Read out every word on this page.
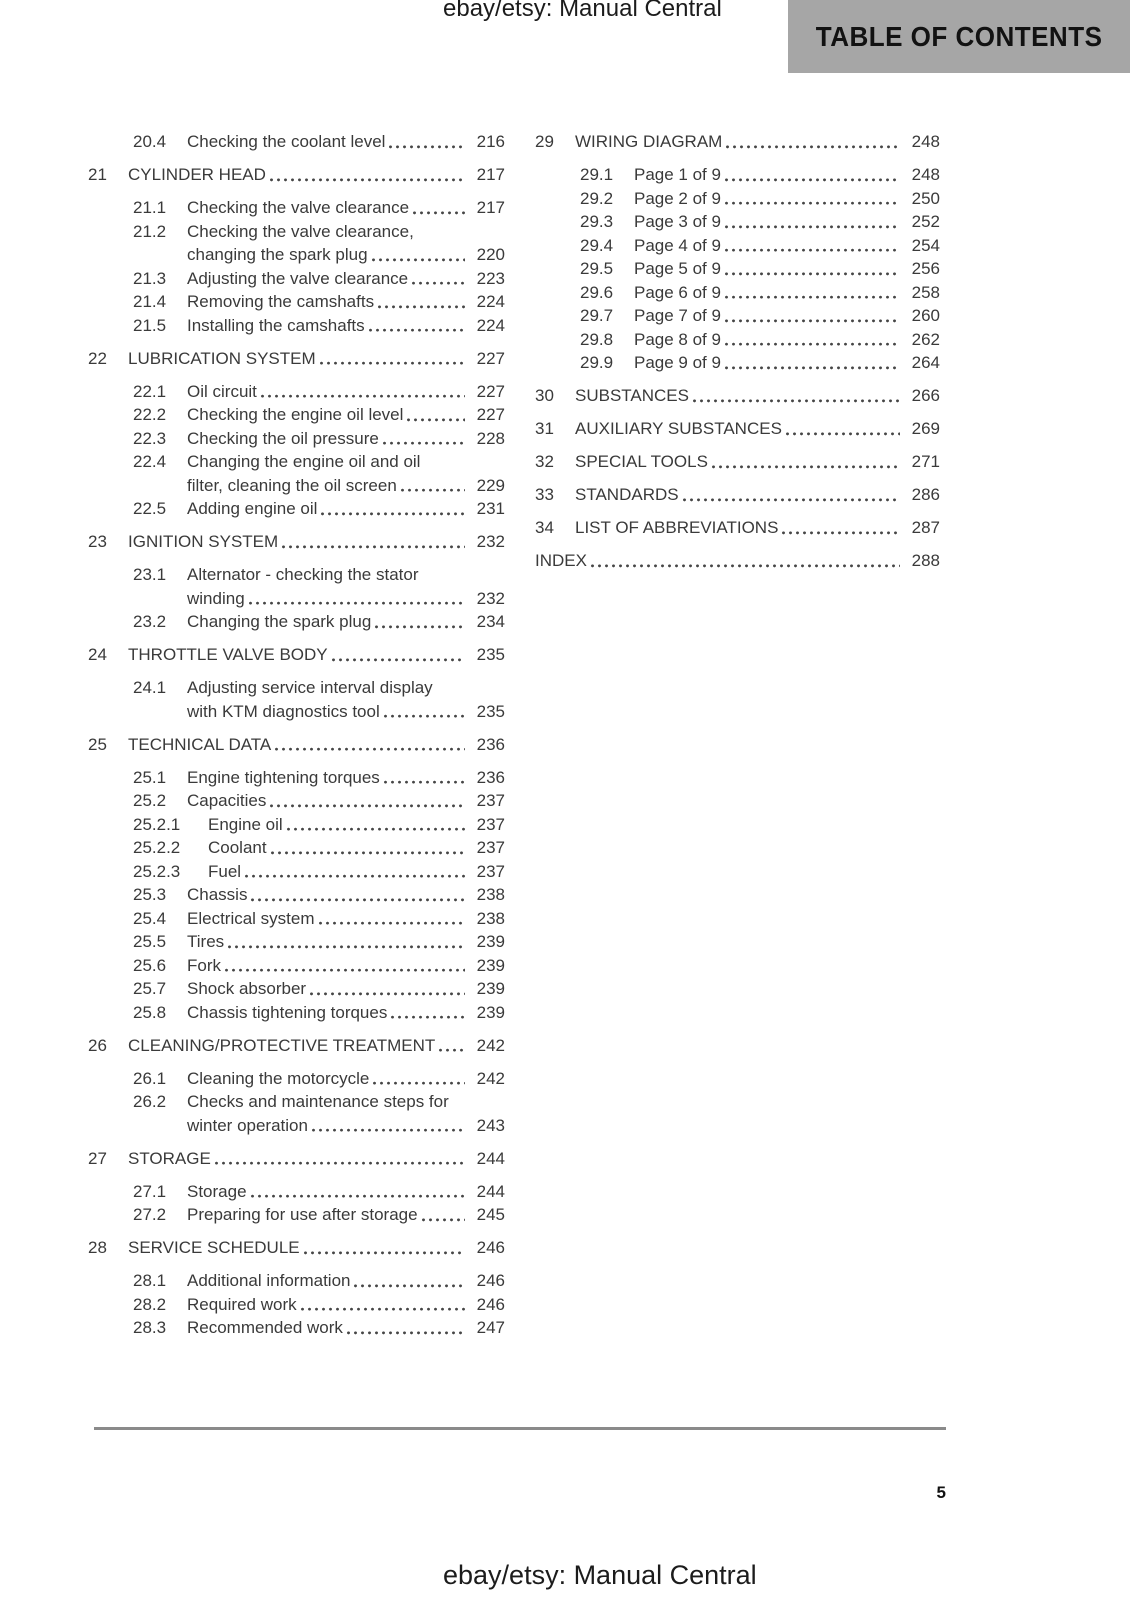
ebay/etsy: Manual Central
TABLE OF CONTENTS
20.4	Checking the coolant level	216
21	CYLINDER HEAD	217
21.1	Checking the valve clearance	217
21.2	Checking the valve clearance,
changing the spark plug	220
21.3	Adjusting the valve clearance	223
21.4	Removing the camshafts	224
21.5	Installing the camshafts	224
22	LUBRICATION SYSTEM	227
22.1	Oil circuit	227
22.2	Checking the engine oil level	227
22.3	Checking the oil pressure	228
22.4	Changing the engine oil and oil
filter, cleaning the oil screen	229
22.5	Adding engine oil	231
23	IGNITION SYSTEM	232
23.1	Alternator - checking the stator
winding	232
23.2	Changing the spark plug	234
24	THROTTLE VALVE BODY	235
24.1	Adjusting service interval display
with KTM diagnostics tool	235
25	TECHNICAL DATA	236
25.1	Engine tightening torques	236
25.2	Capacities	237
25.2.1	Engine oil	237
25.2.2	Coolant	237
25.2.3	Fuel	237
25.3	Chassis	238
25.4	Electrical system	238
25.5	Tires	239
25.6	Fork	239
25.7	Shock absorber	239
25.8	Chassis tightening torques	239
26	CLEANING/PROTECTIVE TREATMENT 242
26.1	Cleaning the motorcycle	242
26.2	Checks and maintenance steps for
winter operation	243
27	STORAGE	244
27.1	Storage	244
27.2	Preparing for use after storage	245
28	SERVICE SCHEDULE	246
28.1	Additional information	246
28.2	Required work	246
28.3	Recommended work	247
29	WIRING DIAGRAM	248
29.1	Page 1 of 9	248
29.2	Page 2 of 9	250
29.3	Page 3 of 9	252
29.4	Page 4 of 9	254
29.5	Page 5 of 9	256
29.6	Page 6 of 9	258
29.7	Page 7 of 9	260
29.8	Page 8 of 9	262
29.9	Page 9 of 9	264
30	SUBSTANCES	266
31	AUXILIARY SUBSTANCES	269
32	SPECIAL TOOLS	271
33	STANDARDS	286
34	LIST OF ABBREVIATIONS	287
INDEX	288
5
ebay/etsy: Manual Central
